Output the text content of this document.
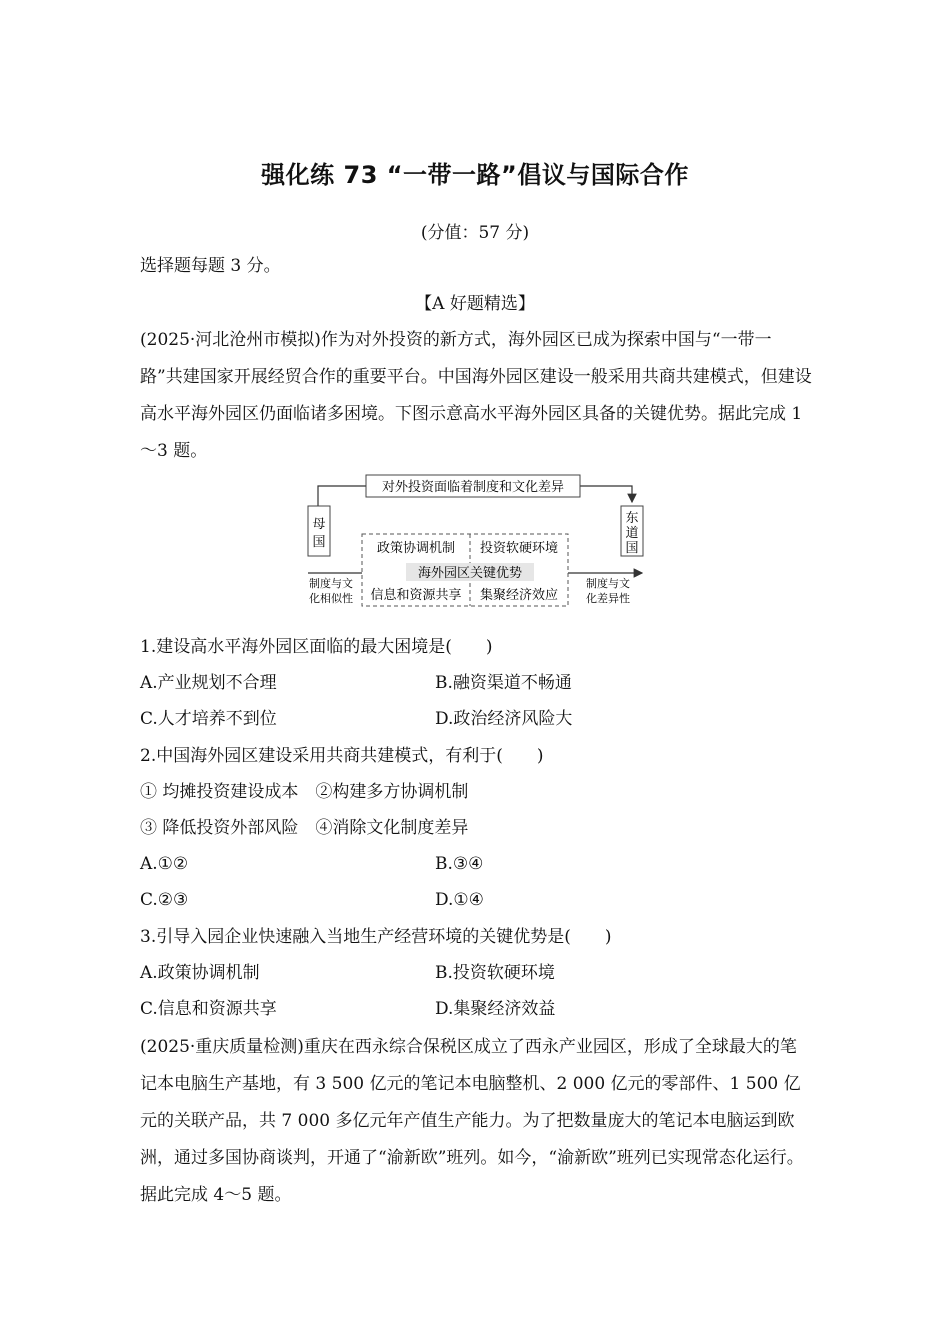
强化练 73 “一带一路”倡议与国际合作
(分值：57 分)
选择题每题 3 分。
【A 好题精选】
(2025·河北沧州市模拟)作为对外投资的新方式，海外园区已成为探索中国与“一带一路”共建国家开展经贸合作的重要平台。中国海外园区建设一般采用共商共建模式，但建设高水平海外园区仍面临诸多困境。下图示意高水平海外园区具备的关键优势。据此完成 1～3 题。
对外投资面临着制度和文化差异
母
国
东
道
国
政策协调机制 投资软硬环境
海外园区关键优势
信息和资源共享 集聚经济效应
制度与文
化相似性
制度与文
化差异性
1.建设高水平海外园区面临的最大困境是(　　)
A.产业规划不合理	B.融资渠道不畅通
C.人才培养不到位	D.政治经济风险大
2.中国海外园区建设采用共商共建模式，有利于(　　)
① 均摊投资建设成本　②构建多方协调机制
③ 降低投资外部风险　④消除文化制度差异
A.①②	B.③④
C.②③	D.①④
3.引导入园企业快速融入当地生产经营环境的关键优势是(　　)
A.政策协调机制	B.投资软硬环境
C.信息和资源共享	D.集聚经济效益
(2025·重庆质量检测)重庆在西永综合保税区成立了西永产业园区，形成了全球最大的笔记本电脑生产基地，有 3 500 亿元的笔记本电脑整机、2 000 亿元的零部件、1 500 亿元的关联产品，共 7 000 多亿元年产值生产能力。为了把数量庞大的笔记本电脑运到欧洲，通过多国协商谈判，开通了“渝新欧”班列。如今，“渝新欧”班列已实现常态化运行。据此完成 4～5 题。
